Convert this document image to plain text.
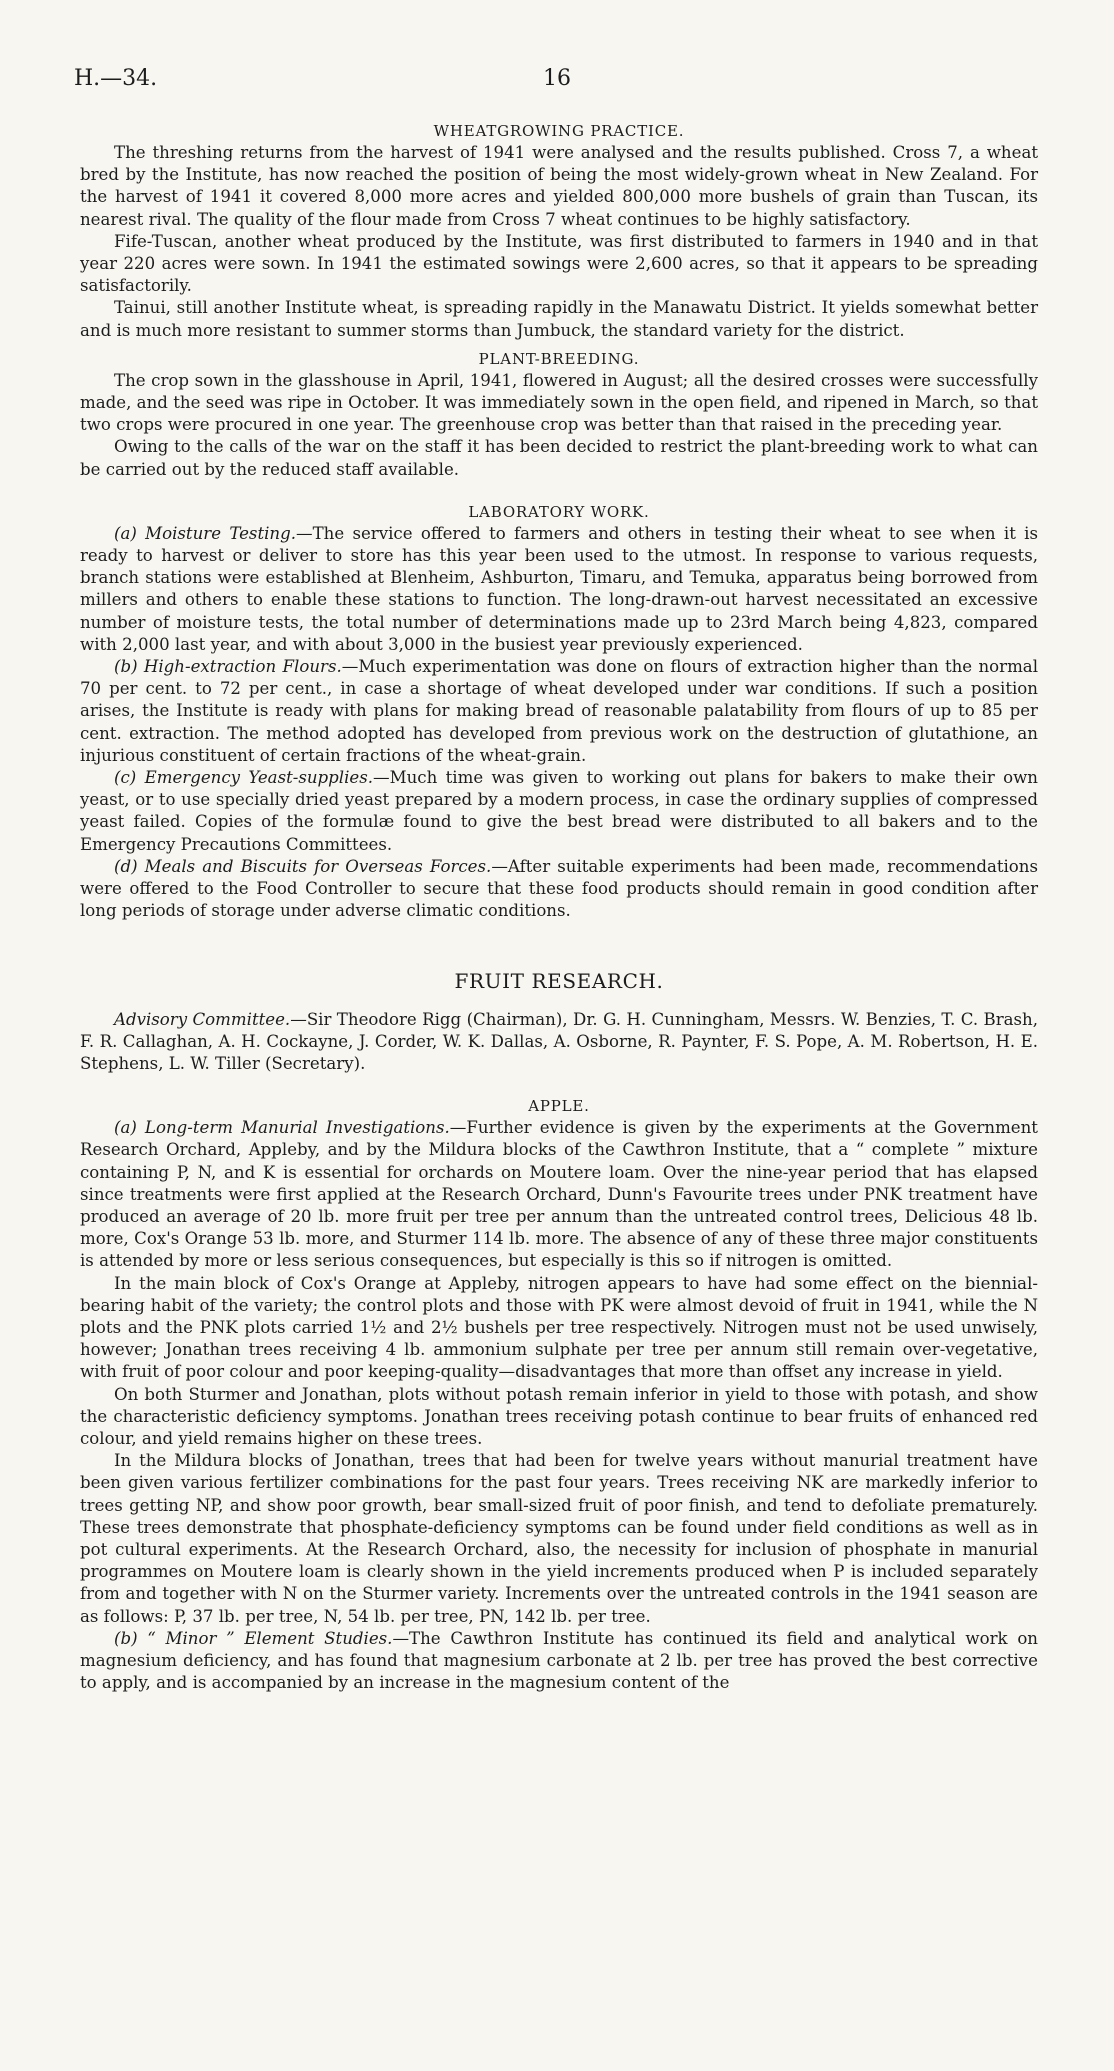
H.—34.	16
WHEATGROWING PRACTICE.

The threshing returns from the harvest of 1941 were analysed and the results published. Cross 7, a wheat bred by the Institute, has now reached the position of being the most widely-grown wheat in New Zealand. For the harvest of 1941 it covered 8,000 more acres and yielded 800,000 more bushels of grain than Tuscan, its nearest rival. The quality of the flour made from Cross 7 wheat continues to be highly satisfactory.

Fife-Tuscan, another wheat produced by the Institute, was first distributed to farmers in 1940 and in that year 220 acres were sown. In 1941 the estimated sowings were 2,600 acres, so that it appears to be spreading satisfactorily.

Tainui, still another Institute wheat, is spreading rapidly in the Manawatu District. It yields somewhat better and is much more resistant to summer storms than Jumbuck, the standard variety for the district.

PLANT-BREEDING.

The crop sown in the glasshouse in April, 1941, flowered in August; all the desired crosses were successfully made, and the seed was ripe in October. It was immediately sown in the open field, and ripened in March, so that two crops were procured in one year. The greenhouse crop was better than that raised in the preceding year.

Owing to the calls of the war on the staff it has been decided to restrict the plant-breeding work to what can be carried out by the reduced staff available.

LABORATORY WORK.

(a) Moisture Testing.—The service offered to farmers and others in testing their wheat to see when it is ready to harvest or deliver to store has this year been used to the utmost. In response to various requests, branch stations were established at Blenheim, Ashburton, Timaru, and Temuka, apparatus being borrowed from millers and others to enable these stations to function. The long-drawn-out harvest necessitated an excessive number of moisture tests, the total number of determinations made up to 23rd March being 4,823, compared with 2,000 last year, and with about 3,000 in the busiest year previously experienced.

(b) High-extraction Flours.—Much experimentation was done on flours of extraction higher than the normal 70 per cent. to 72 per cent., in case a shortage of wheat developed under war conditions. If such a position arises, the Institute is ready with plans for making bread of reasonable palatability from flours of up to 85 per cent. extraction. The method adopted has developed from previous work on the destruction of glutathione, an injurious constituent of certain fractions of the wheat-grain.

(c) Emergency Yeast-supplies.—Much time was given to working out plans for bakers to make their own yeast, or to use specially dried yeast prepared by a modern process, in case the ordinary supplies of compressed yeast failed. Copies of the formulæ found to give the best bread were distributed to all bakers and to the Emergency Precautions Committees.

(d) Meals and Biscuits for Overseas Forces.—After suitable experiments had been made, recommendations were offered to the Food Controller to secure that these food products should remain in good condition after long periods of storage under adverse climatic conditions.

FRUIT RESEARCH.

Advisory Committee.—Sir Theodore Rigg (Chairman), Dr. G. H. Cunningham, Messrs. W. Benzies, T. C. Brash, F. R. Callaghan, A. H. Cockayne, J. Corder, W. K. Dallas, A. Osborne, R. Paynter, F. S. Pope, A. M. Robertson, H. E. Stephens, L. W. Tiller (Secretary).

APPLE.

(a) Long-term Manurial Investigations.—Further evidence is given by the experiments at the Government Research Orchard, Appleby, and by the Mildura blocks of the Cawthron Institute, that a “ complete ” mixture containing P, N, and K is essential for orchards on Moutere loam. Over the nine-year period that has elapsed since treatments were first applied at the Research Orchard, Dunn's Favourite trees under PNK treatment have produced an average of 20 lb. more fruit per tree per annum than the untreated control trees, Delicious 48 lb. more, Cox's Orange 53 lb. more, and Sturmer 114 lb. more. The absence of any of these three major constituents is attended by more or less serious consequences, but especially is this so if nitrogen is omitted.

In the main block of Cox's Orange at Appleby, nitrogen appears to have had some effect on the biennial-bearing habit of the variety; the control plots and those with PK were almost devoid of fruit in 1941, while the N plots and the PNK plots carried 1½ and 2½ bushels per tree respectively. Nitrogen must not be used unwisely, however; Jonathan trees receiving 4 lb. ammonium sulphate per tree per annum still remain over-vegetative, with fruit of poor colour and poor keeping-quality—disadvantages that more than offset any increase in yield.

On both Sturmer and Jonathan, plots without potash remain inferior in yield to those with potash, and show the characteristic deficiency symptoms. Jonathan trees receiving potash continue to bear fruits of enhanced red colour, and yield remains higher on these trees.

In the Mildura blocks of Jonathan, trees that had been for twelve years without manurial treatment have been given various fertilizer combinations for the past four years. Trees receiving NK are markedly inferior to trees getting NP, and show poor growth, bear small-sized fruit of poor finish, and tend to defoliate prematurely. These trees demonstrate that phosphate-deficiency symptoms can be found under field conditions as well as in pot cultural experiments. At the Research Orchard, also, the necessity for inclusion of phosphate in manurial programmes on Moutere loam is clearly shown in the yield increments produced when P is included separately from and together with N on the Sturmer variety. Increments over the untreated controls in the 1941 season are as follows: P, 37 lb. per tree, N, 54 lb. per tree, PN, 142 lb. per tree.

(b) “ Minor ” Element Studies.—The Cawthron Institute has continued its field and analytical work on magnesium deficiency, and has found that magnesium carbonate at 2 lb. per tree has proved the best corrective to apply, and is accompanied by an increase in the magnesium content of the
